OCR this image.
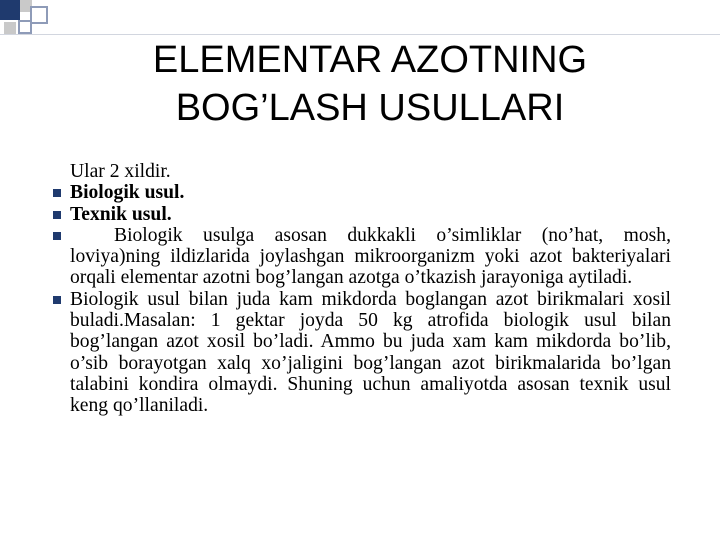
ELEMENTAR AZOTNING
BOG’LASH USULLARI
Ular 2 xildir.
Biologik usul.
Texnik usul.
Biologik usulga asosan dukkakli o’simliklar (no’hat, mosh, loviya)ning ildizlarida joylashgan mikroorganizm yoki azot bakteriyalari orqali elementar azotni bog’langan azotga o’tkazish jarayoniga aytiladi.
Biologik usul bilan juda kam mikdorda boglangan azot birikmalari xosil buladi.Masalan: 1 gektar joyda 50 kg atrofida biologik usul bilan bog’langan azot xosil bo’ladi. Ammo bu juda xam kam mikdorda bo’lib, o’sib borayotgan xalq xo’jaligini bog’langan azot birikmalarida bo’lgan talabini kondira olmaydi. Shuning uchun amaliyotda asosan texnik usul keng qo’llaniladi.
